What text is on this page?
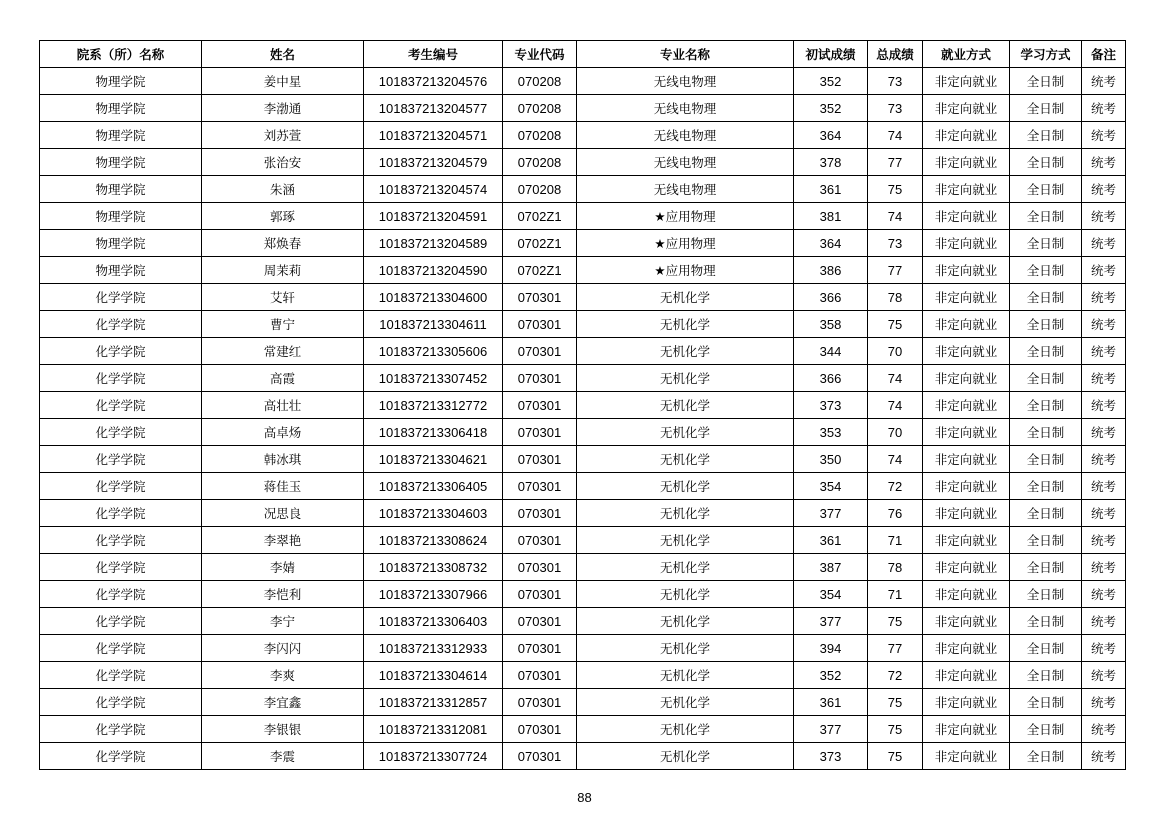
院系（所）名称	姓名	考生编号	专业代码	专业名称	初试成绩	总成绩	就业方式	学习方式	备注
物理学院	姜中星	101837213204576	070208	无线电物理	352	73	非定向就业	全日制	统考
物理学院	李渤通	101837213204577	070208	无线电物理	352	73	非定向就业	全日制	统考
物理学院	刘苏萱	101837213204571	070208	无线电物理	364	74	非定向就业	全日制	统考
物理学院	张治安	101837213204579	070208	无线电物理	378	77	非定向就业	全日制	统考
物理学院	朱涵	101837213204574	070208	无线电物理	361	75	非定向就业	全日制	统考
物理学院	郭琢	101837213204591	0702Z1	★应用物理	381	74	非定向就业	全日制	统考
物理学院	郑焕春	101837213204589	0702Z1	★应用物理	364	73	非定向就业	全日制	统考
物理学院	周茉莉	101837213204590	0702Z1	★应用物理	386	77	非定向就业	全日制	统考
化学学院	艾轩	101837213304600	070301	无机化学	366	78	非定向就业	全日制	统考
化学学院	曹宁	101837213304611	070301	无机化学	358	75	非定向就业	全日制	统考
化学学院	常建红	101837213305606	070301	无机化学	344	70	非定向就业	全日制	统考
化学学院	高霞	101837213307452	070301	无机化学	366	74	非定向就业	全日制	统考
化学学院	高壮壮	101837213312772	070301	无机化学	373	74	非定向就业	全日制	统考
化学学院	高卓炀	101837213306418	070301	无机化学	353	70	非定向就业	全日制	统考
化学学院	韩冰琪	101837213304621	070301	无机化学	350	74	非定向就业	全日制	统考
化学学院	蒋佳玉	101837213306405	070301	无机化学	354	72	非定向就业	全日制	统考
化学学院	况思良	101837213304603	070301	无机化学	377	76	非定向就业	全日制	统考
化学学院	李翠艳	101837213308624	070301	无机化学	361	71	非定向就业	全日制	统考
化学学院	李婧	101837213308732	070301	无机化学	387	78	非定向就业	全日制	统考
化学学院	李恺利	101837213307966	070301	无机化学	354	71	非定向就业	全日制	统考
化学学院	李宁	101837213306403	070301	无机化学	377	75	非定向就业	全日制	统考
化学学院	李闪闪	101837213312933	070301	无机化学	394	77	非定向就业	全日制	统考
化学学院	李爽	101837213304614	070301	无机化学	352	72	非定向就业	全日制	统考
化学学院	李宜鑫	101837213312857	070301	无机化学	361	75	非定向就业	全日制	统考
化学学院	李银银	101837213312081	070301	无机化学	377	75	非定向就业	全日制	统考
化学学院	李震	101837213307724	070301	无机化学	373	75	非定向就业	全日制	统考
88
